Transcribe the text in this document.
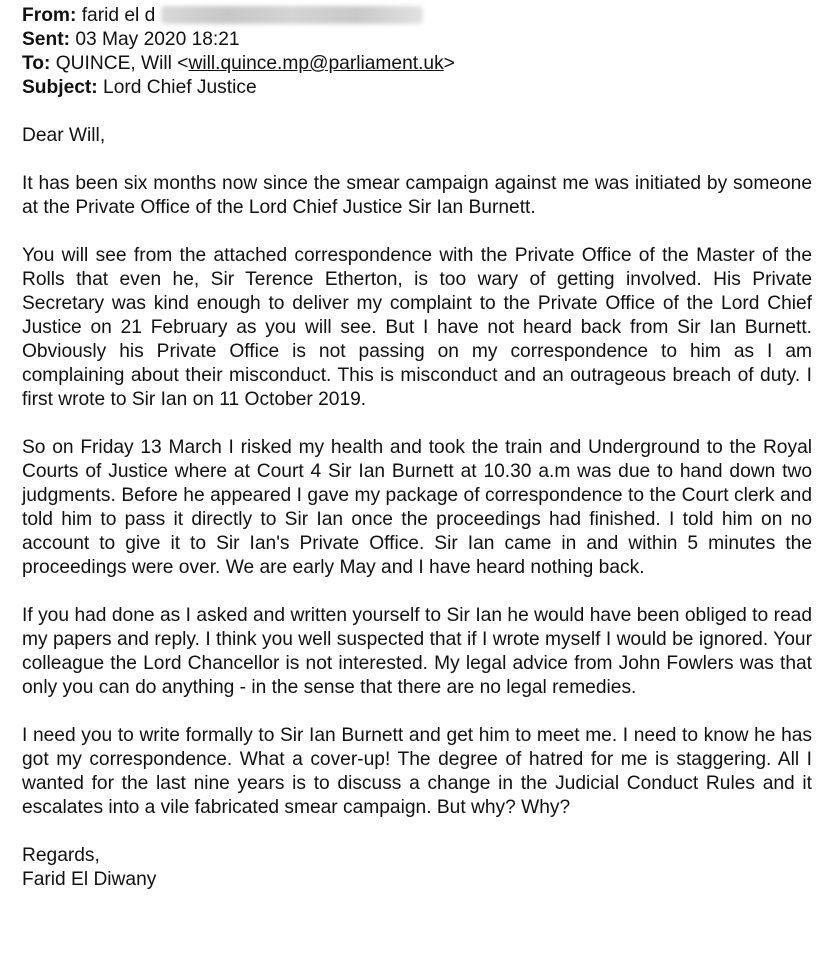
From: farid el d
Sent: 03 May 2020 18:21
To: QUINCE, Will <will.quince.mp@parliament.uk>
Subject: Lord Chief Justice
Dear Will,
It has been six months now since the smear campaign against me was initiated by someone at the Private Office of the Lord Chief Justice Sir Ian Burnett.
You will see from the attached correspondence with the Private Office of the Master of the Rolls that even he, Sir Terence Etherton, is too wary of getting involved. His Private Secretary was kind enough to deliver my complaint to the Private Office of the Lord Chief Justice on 21 February as you will see. But I have not heard back from Sir Ian Burnett. Obviously his Private Office is not passing on my correspondence to him as I am complaining about their misconduct. This is misconduct and an outrageous breach of duty. I first wrote to Sir Ian on 11 October 2019.
So on Friday 13 March I risked my health and took the train and Underground to the Royal Courts of Justice where at Court 4 Sir Ian Burnett at 10.30 a.m was due to hand down two judgments. Before he appeared I gave my package of correspondence to the Court clerk and told him to pass it directly to Sir Ian once the proceedings had finished. I told him on no account to give it to Sir Ian's Private Office. Sir Ian came in and within 5 minutes the proceedings were over. We are early May and I have heard nothing back.
If you had done as I asked and written yourself to Sir Ian he would have been obliged to read my papers and reply. I think you well suspected that if I wrote myself I would be ignored. Your colleague the Lord Chancellor is not interested. My legal advice from John Fowlers was that only you can do anything - in the sense that there are no legal remedies.
I need you to write formally to Sir Ian Burnett and get him to meet me. I need to know he has got my correspondence. What a cover-up! The degree of hatred for me is staggering. All I wanted for the last nine years is to discuss a change in the Judicial Conduct Rules and it escalates into a vile fabricated smear campaign. But why? Why?
Regards,
Farid El Diwany
